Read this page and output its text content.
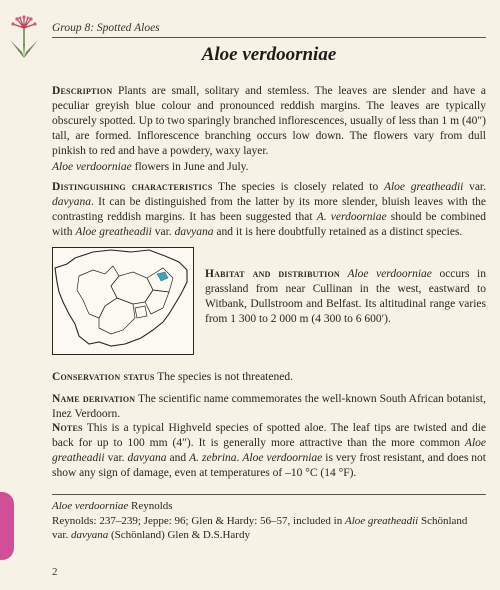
Group 8: Spotted Aloes
Aloe verdoorniae
Description Plants are small, solitary and stemless. The leaves are slender and have a peculiar greyish blue colour and pronounced reddish margins. The leaves are typically obscurely spotted. Up to two sparingly branched inflorescences, usually of less than 1 m (40″) tall, are formed. Inflorescence branching occurs low down. The flowers vary from dull pinkish to red and have a powdery, waxy layer.
Aloe verdoorniae flowers in June and July.
Distinguishing characteristics The species is closely related to Aloe greatheadii var. davyana. It can be distinguished from the latter by its more slender, bluish leaves with the contrasting reddish margins. It has been suggested that A. verdoorniae should be combined with Aloe greatheadii var. davyana and it is here doubtfully retained as a distinct species.
Habitat and distribution Aloe verdoorniae occurs in grassland from near Cullinan in the west, eastward to Witbank, Dullstroom and Belfast. Its altitudinal range varies from 1 300 to 2 000 m (4 300 to 6 600′).
Conservation status The species is not threatened.
Name derivation The scientific name commemorates the well-known South African botanist, Inez Verdoorn.
Notes This is a typical Highveld species of spotted aloe. The leaf tips are twisted and die back for up to 100 mm (4″). It is generally more attractive than the more common Aloe greatheadii var. davyana and A. zebrina. Aloe verdoorniae is very frost resistant, and does not show any sign of damage, even at temperatures of –10 °C (14 °F).
Aloe verdoorniae Reynolds
Reynolds: 237–239; Jeppe: 96; Glen & Hardy: 56–57, included in Aloe greatheadii Schönland var. davyana (Schönland) Glen & D.S.Hardy
2
